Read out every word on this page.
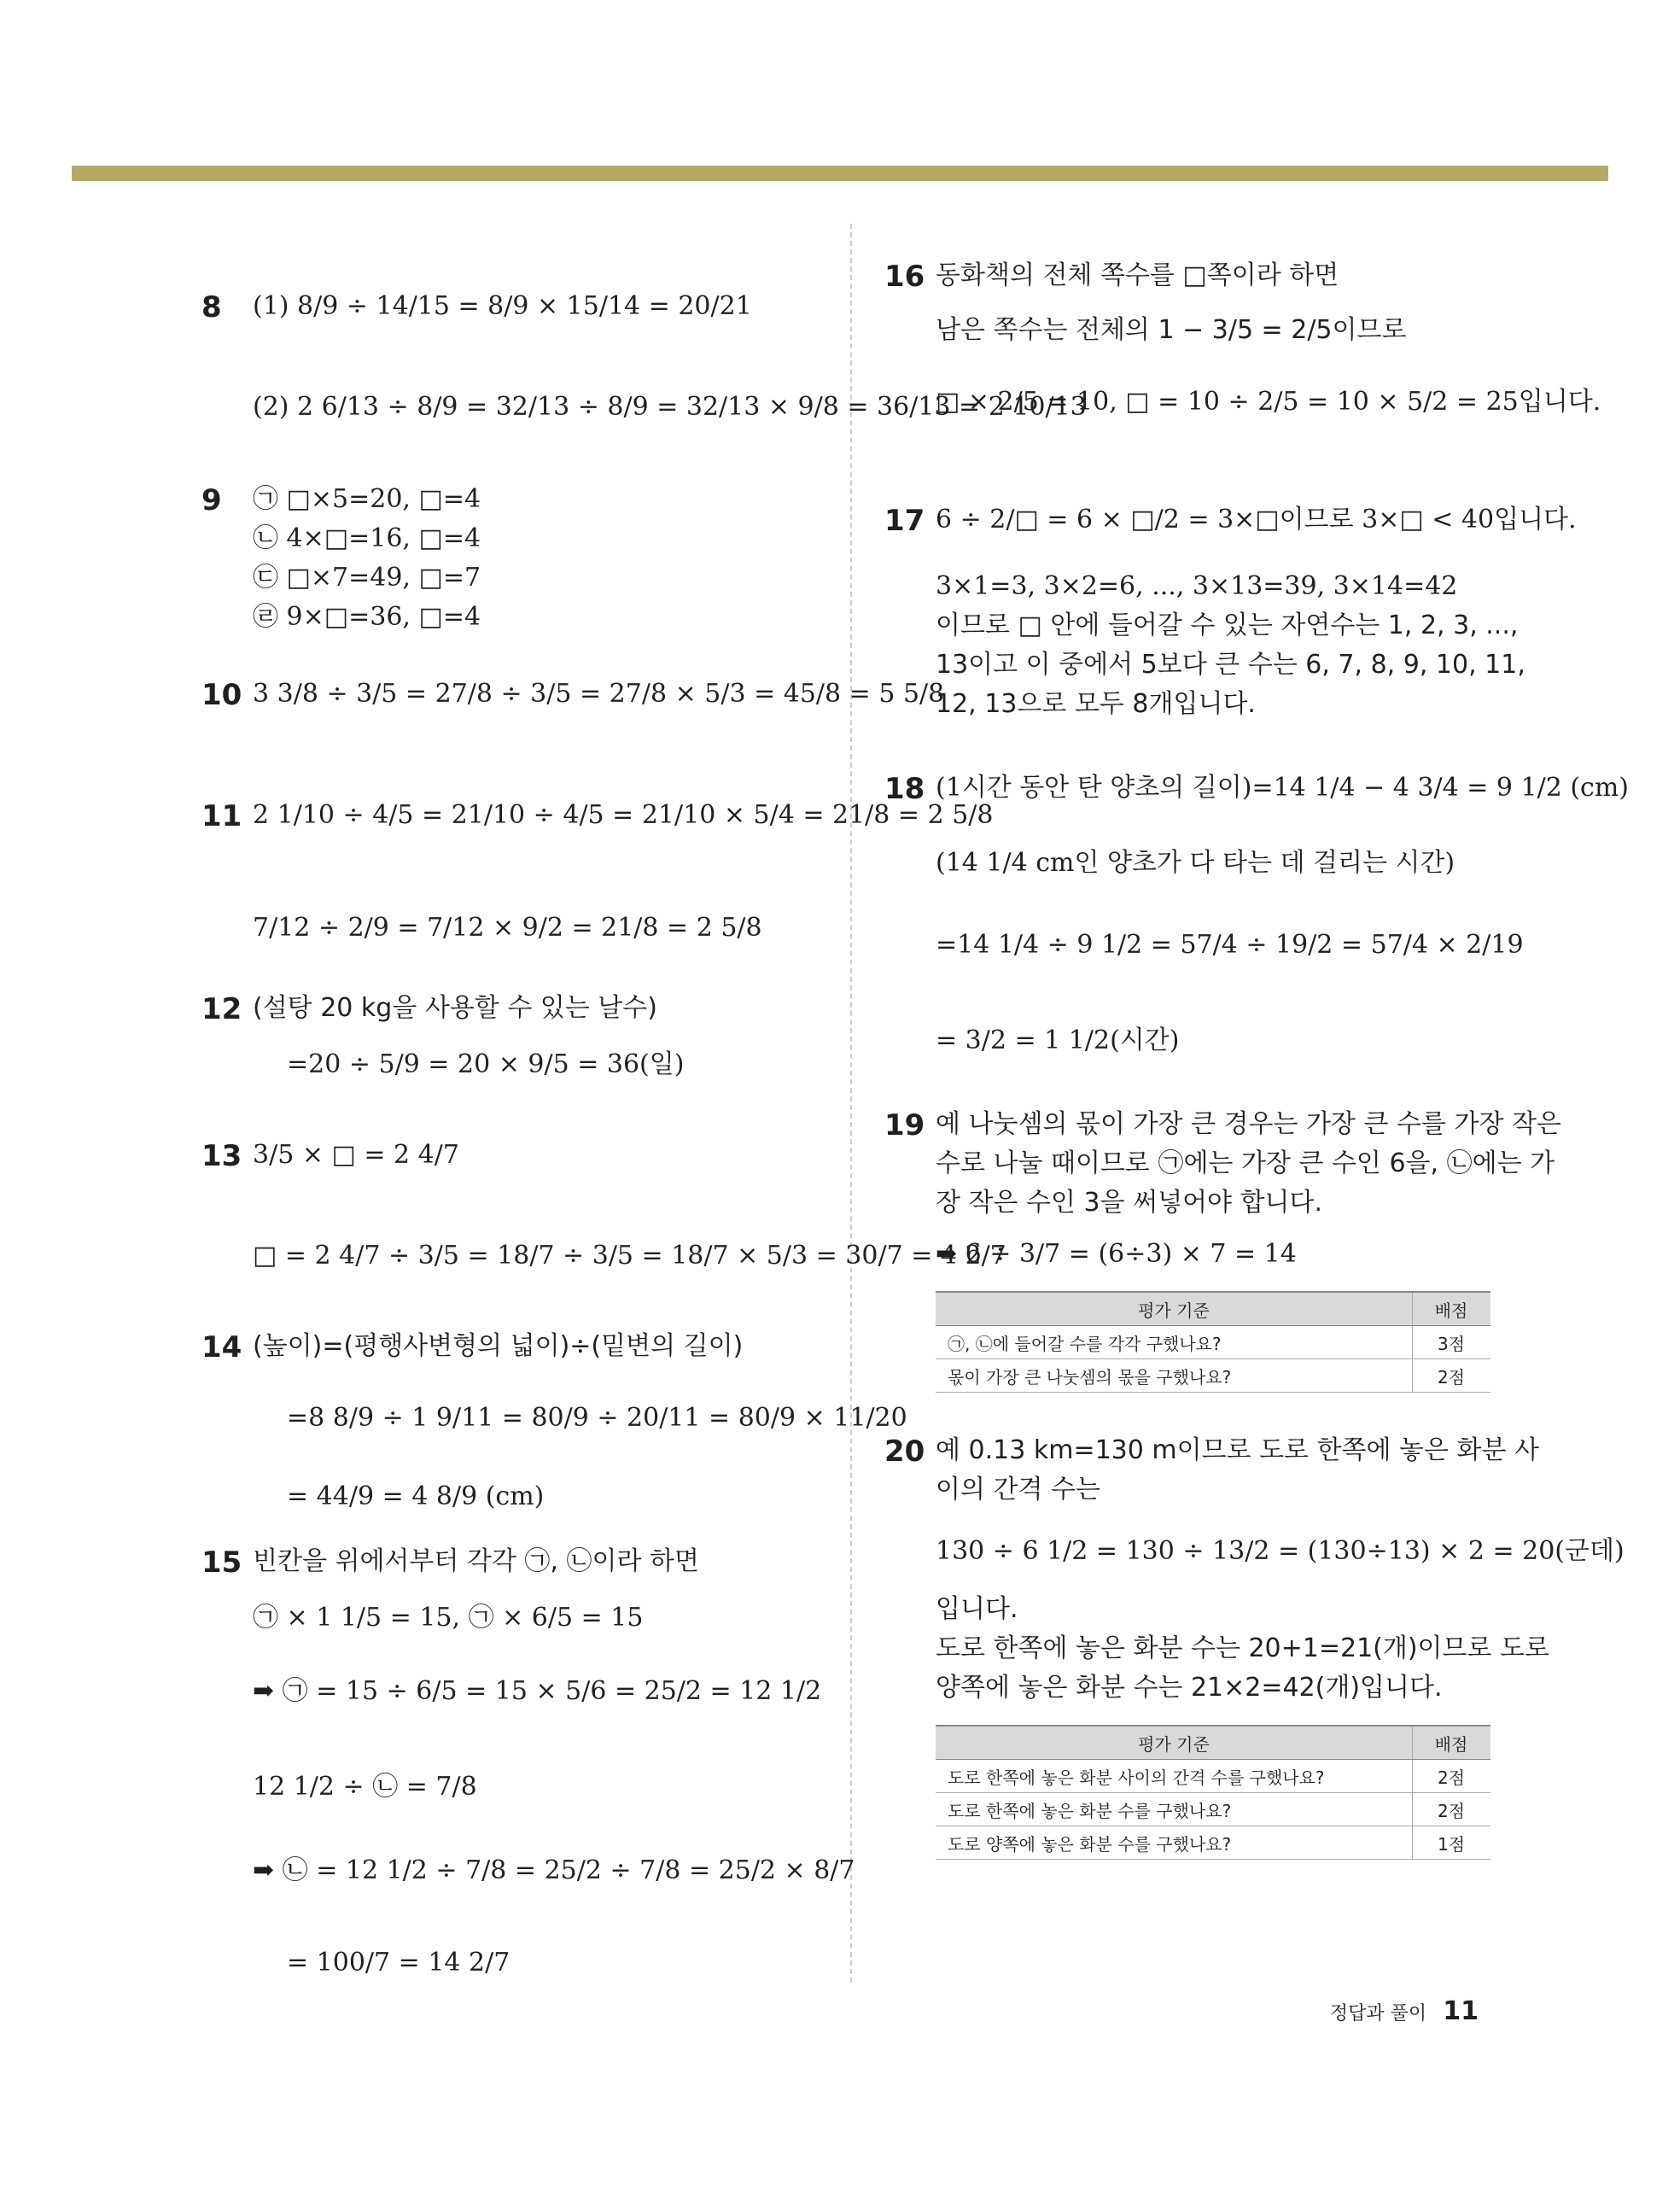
8 (1) 8/9 ÷ 14/15 = 8/9 × 15/14 = 20/21
(2) 2 6/13 ÷ 8/9 = 32/13 ÷ 8/9 = 32/13 × 9/8 = 36/13 = 2 10/13
9 ㉠ □×5=20, □=4
㉡ 4×□=16, □=4
㉢ □×7=49, □=7
㉣ 9×□=36, □=4
10 3 3/8 ÷ 3/5 = 27/8 ÷ 3/5 = 27/8 × 5/3 = 45/8 = 5 5/8
11 2 1/10 ÷ 4/5 = 21/10 ÷ 4/5 = 21/10 × 5/4 = 21/8 = 2 5/8
7/12 ÷ 2/9 = 7/12 × 9/2 = 21/8 = 2 5/8
12 (설탕 20 kg을 사용할 수 있는 날수)
=20 ÷ 5/9 = 20 × 9/5 = 36(일)
13 3/5 × □ = 2 4/7
□ = 2 4/7 ÷ 3/5 = 18/7 ÷ 3/5 = 18/7 × 5/3 = 30/7 = 4 2/7
14 (높이)=(평행사변형의 넓이)÷(밑변의 길이)
=8 8/9 ÷ 1 9/11 = 80/9 ÷ 20/11 = 80/9 × 11/20
= 44/9 = 4 8/9 (cm)
15 빈칸을 위에서부터 각각 ㉠, ㉡이라 하면
㉠ × 1 1/5 = 15, ㉠ × 6/5 = 15
➡ ㉠ = 15 ÷ 6/5 = 15 × 5/6 = 25/2 = 12 1/2
12 1/2 ÷ ㉡ = 7/8
➡ ㉡ = 12 1/2 ÷ 7/8 = 25/2 ÷ 7/8 = 25/2 × 8/7
= 100/7 = 14 2/7
16 동화책의 전체 쪽수를 □쪽이라 하면
남은 쪽수는 전체의 1 − 3/5 = 2/5이므로
□ × 2/5 = 10, □ = 10 ÷ 2/5 = 10 × 5/2 = 25입니다.
17 6 ÷ 2/□ = 6 × □/2 = 3×□이므로 3×□ < 40입니다.
3×1=3, 3×2=6, ..., 3×13=39, 3×14=42
이므로 □ 안에 들어갈 수 있는 자연수는 1, 2, 3, ...,
13이고 이 중에서 5보다 큰 수는 6, 7, 8, 9, 10, 11,
12, 13으로 모두 8개입니다.
18 (1시간 동안 탄 양초의 길이)=14 1/4 − 4 3/4 = 9 1/2 (cm)
(14 1/4 cm인 양초가 다 타는 데 걸리는 시간)
=14 1/4 ÷ 9 1/2 = 57/4 ÷ 19/2 = 57/4 × 2/19
= 3/2 = 1 1/2(시간)
19 예 나눗셈의 몫이 가장 큰 경우는 가장 큰 수를 가장 작은
수로 나눌 때이므로 ㉠에는 가장 큰 수인 6을, ㉡에는 가
장 작은 수인 3을 써넣어야 합니다.
➡ 6 ÷ 3/7 = (6÷3) × 7 = 14
평가 기준	배점
㉠, ㉡에 들어갈 수를 각각 구했나요?	3점
몫이 가장 큰 나눗셈의 몫을 구했나요?	2점
20 예 0.13 km=130 m이므로 도로 한쪽에 놓은 화분 사
이의 간격 수는
130 ÷ 6 1/2 = 130 ÷ 13/2 = (130÷13) × 2 = 20(군데)
입니다.
도로 한쪽에 놓은 화분 수는 20+1=21(개)이므로 도로
양쪽에 놓은 화분 수는 21×2=42(개)입니다.
평가 기준	배점
도로 한쪽에 놓은 화분 사이의 간격 수를 구했나요?	2점
도로 한쪽에 놓은 화분 수를 구했나요?	2점
도로 양쪽에 놓은 화분 수를 구했나요?	1점
정답과 풀이 11
